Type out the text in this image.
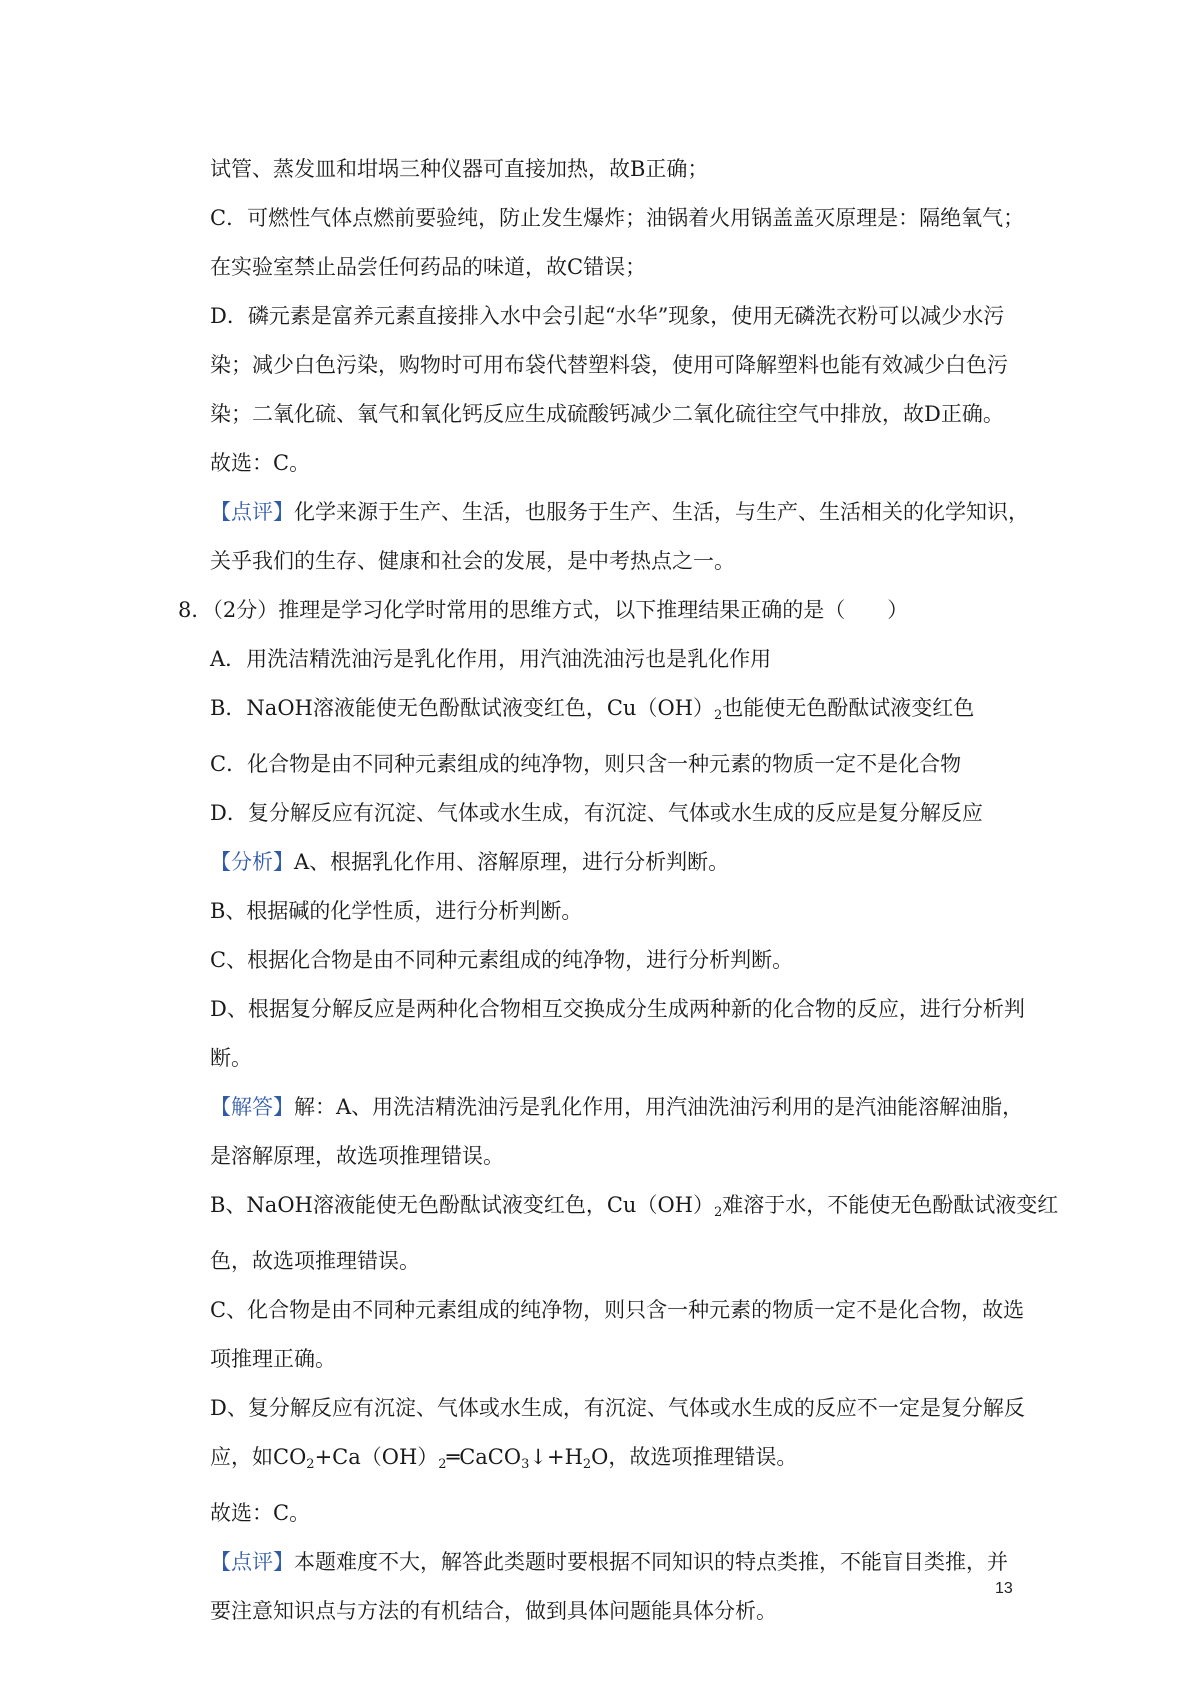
试管、蒸发皿和坩埚三种仪器可直接加热，故B正确；
C．可燃性气体点燃前要验纯，防止发生爆炸；油锅着火用锅盖盖灭原理是：隔绝氧气；
在实验室禁止品尝任何药品的味道，故C错误；
D．磷元素是富养元素直接排入水中会引起“水华”现象，使用无磷洗衣粉可以减少水污
染；减少白色污染，购物时可用布袋代替塑料袋，使用可降解塑料也能有效减少白色污
染；二氧化硫、氧气和氧化钙反应生成硫酸钙减少二氧化硫往空气中排放，故D正确。
故选：C。
【点评】化学来源于生产、生活，也服务于生产、生活，与生产、生活相关的化学知识，
关乎我们的生存、健康和社会的发展，是中考热点之一。
8．（2分）推理是学习化学时常用的思维方式，以下推理结果正确的是（　　）
A．用洗洁精洗油污是乳化作用，用汽油洗油污也是乳化作用
B．NaOH溶液能使无色酚酞试液变红色，$Cu(OH)_2$也能使无色酚酞试液变红色
C．化合物是由不同种元素组成的纯净物，则只含一种元素的物质一定不是化合物
D．复分解反应有沉淀、气体或水生成，有沉淀、气体或水生成的反应是复分解反应
【分析】A、根据乳化作用、溶解原理，进行分析判断。
B、根据碱的化学性质，进行分析判断。
C、根据化合物是由不同种元素组成的纯净物，进行分析判断。
D、根据复分解反应是两种化合物相互交换成分生成两种新的化合物的反应，进行分析判
断。
【解答】解：A、用洗洁精洗油污是乳化作用，用汽油洗油污利用的是汽油能溶解油脂，
是溶解原理，故选项推理错误。
B、NaOH溶液能使无色酚酞试液变红色，$Cu(OH)_2$难溶于水，不能使无色酚酞试液变红
色，故选项推理错误。
C、化合物是由不同种元素组成的纯净物，则只含一种元素的物质一定不是化合物，故选
项推理正确。
D、复分解反应有沉淀、气体或水生成，有沉淀、气体或水生成的反应不一定是复分解反
应，如$CO_2+Ca(OH)_2═CaCO_3↓+H_2O$，故选项推理错误。
故选：C。
【点评】本题难度不大，解答此类题时要根据不同知识的特点类推，不能盲目类推，并
要注意知识点与方法的有机结合，做到具体问题能具体分析。
13
